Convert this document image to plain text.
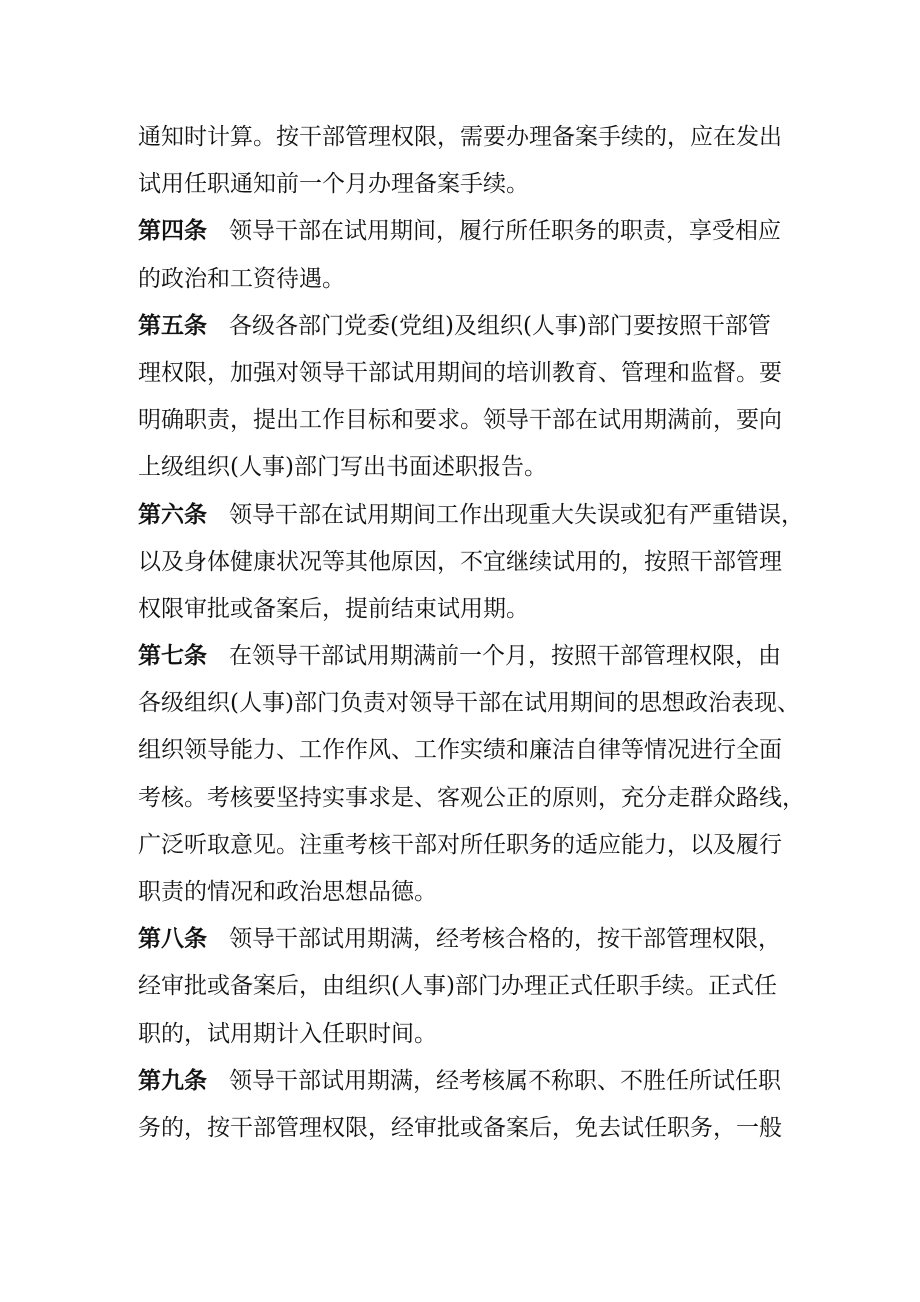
通知时计算。按干部管理权限，需要办理备案手续的，应在发出
试用任职通知前一个月办理备案手续。
第四条 领导干部在试用期间，履行所任职务的职责，享受相应
的政治和工资待遇。
第五条 各级各部门党委(党组)及组织(人事)部门要按照干部管
理权限，加强对领导干部试用期间的培训教育、管理和监督。要
明确职责，提出工作目标和要求。领导干部在试用期满前，要向
上级组织(人事)部门写出书面述职报告。
第六条 领导干部在试用期间工作出现重大失误或犯有严重错误，
以及身体健康状况等其他原因，不宜继续试用的，按照干部管理
权限审批或备案后，提前结束试用期。
第七条 在领导干部试用期满前一个月，按照干部管理权限，由
各级组织(人事)部门负责对领导干部在试用期间的思想政治表现、
组织领导能力、工作作风、工作实绩和廉洁自律等情况进行全面
考核。考核要坚持实事求是、客观公正的原则，充分走群众路线，
广泛听取意见。注重考核干部对所任职务的适应能力，以及履行
职责的情况和政治思想品德。
第八条 领导干部试用期满，经考核合格的，按干部管理权限，
经审批或备案后，由组织(人事)部门办理正式任职手续。正式任
职的，试用期计入任职时间。
第九条 领导干部试用期满，经考核属不称职、不胜任所试任职
务的，按干部管理权限，经审批或备案后，免去试任职务，一般
